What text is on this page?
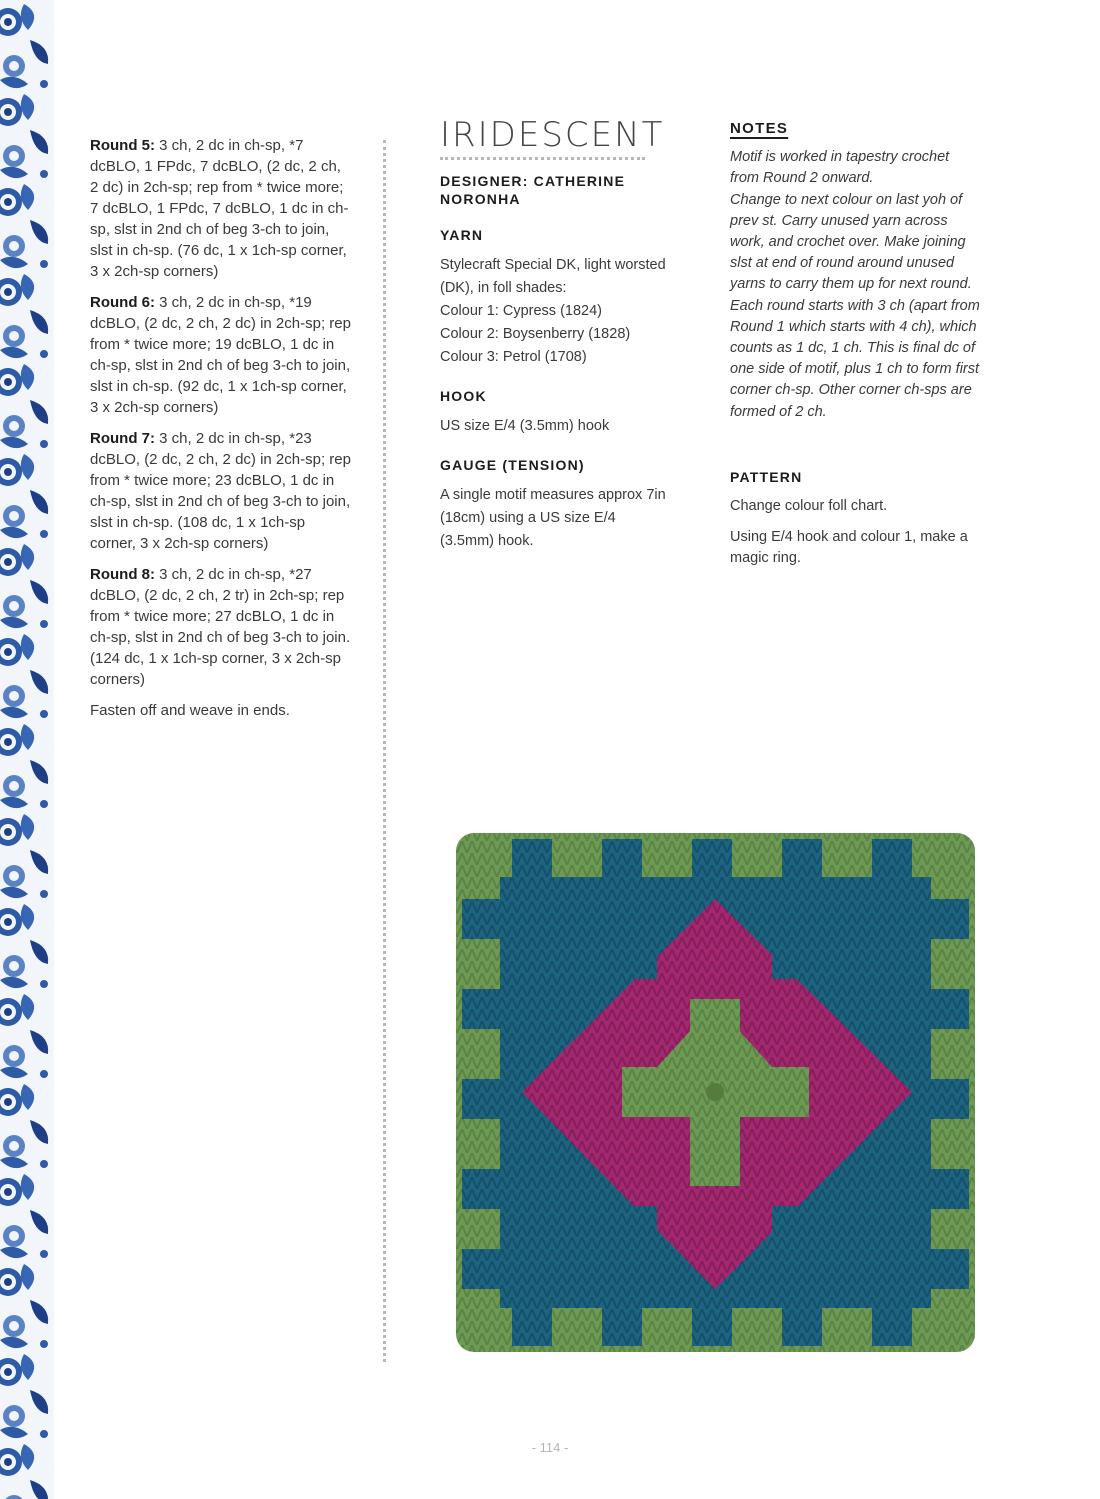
Round 5: 3 ch, 2 dc in ch-sp, *7 dcBLO, 1 FPdc, 7 dcBLO, (2 dc, 2 ch, 2 dc) in 2ch-sp; rep from * twice more; 7 dcBLO, 1 FPdc, 7 dcBLO, 1 dc in ch-sp, slst in 2nd ch of beg 3-ch to join, slst in ch-sp. (76 dc, 1 x 1ch-sp corner, 3 x 2ch-sp corners)

Round 6: 3 ch, 2 dc in ch-sp, *19 dcBLO, (2 dc, 2 ch, 2 dc) in 2ch-sp; rep from * twice more; 19 dcBLO, 1 dc in ch-sp, slst in 2nd ch of beg 3-ch to join, slst in ch-sp. (92 dc, 1 x 1ch-sp corner, 3 x 2ch-sp corners)

Round 7: 3 ch, 2 dc in ch-sp, *23 dcBLO, (2 dc, 2 ch, 2 dc) in 2ch-sp; rep from * twice more; 23 dcBLO, 1 dc in ch-sp, slst in 2nd ch of beg 3-ch to join, slst in ch-sp. (108 dc, 1 x 1ch-sp corner, 3 x 2ch-sp corners)

Round 8: 3 ch, 2 dc in ch-sp, *27 dcBLO, (2 dc, 2 ch, 2 tr) in 2ch-sp; rep from * twice more; 27 dcBLO, 1 dc in ch-sp, slst in 2nd ch of beg 3-ch to join. (124 dc, 1 x 1ch-sp corner, 3 x 2ch-sp corners)

Fasten off and weave in ends.

IRIDESCENT
DESIGNER: CATHERINE NORONHA
YARN
Stylecraft Special DK, light worsted (DK), in foll shades:
Colour 1: Cypress (1824)
Colour 2: Boysenberry (1828)
Colour 3: Petrol (1708)
HOOK
US size E/4 (3.5mm) hook
GAUGE (TENSION)
A single motif measures approx 7in (18cm) using a US size E/4 (3.5mm) hook.
NOTES

Motif is worked in tapestry crochet from Round 2 onward.

Change to next colour on last yoh of prev st. Carry unused yarn across work, and crochet over. Make joining slst at end of round around unused yarns to carry them up for next round.

Each round starts with 3 ch (apart from Round 1 which starts with 4 ch), which counts as 1 dc, 1 ch. This is final dc of one side of motif, plus 1 ch to form first corner ch-sp. Other corner ch-sps are formed of 2 ch.

PATTERN

Change colour foll chart.

Using E/4 hook and colour 1, make a magic ring.

- 114 -
